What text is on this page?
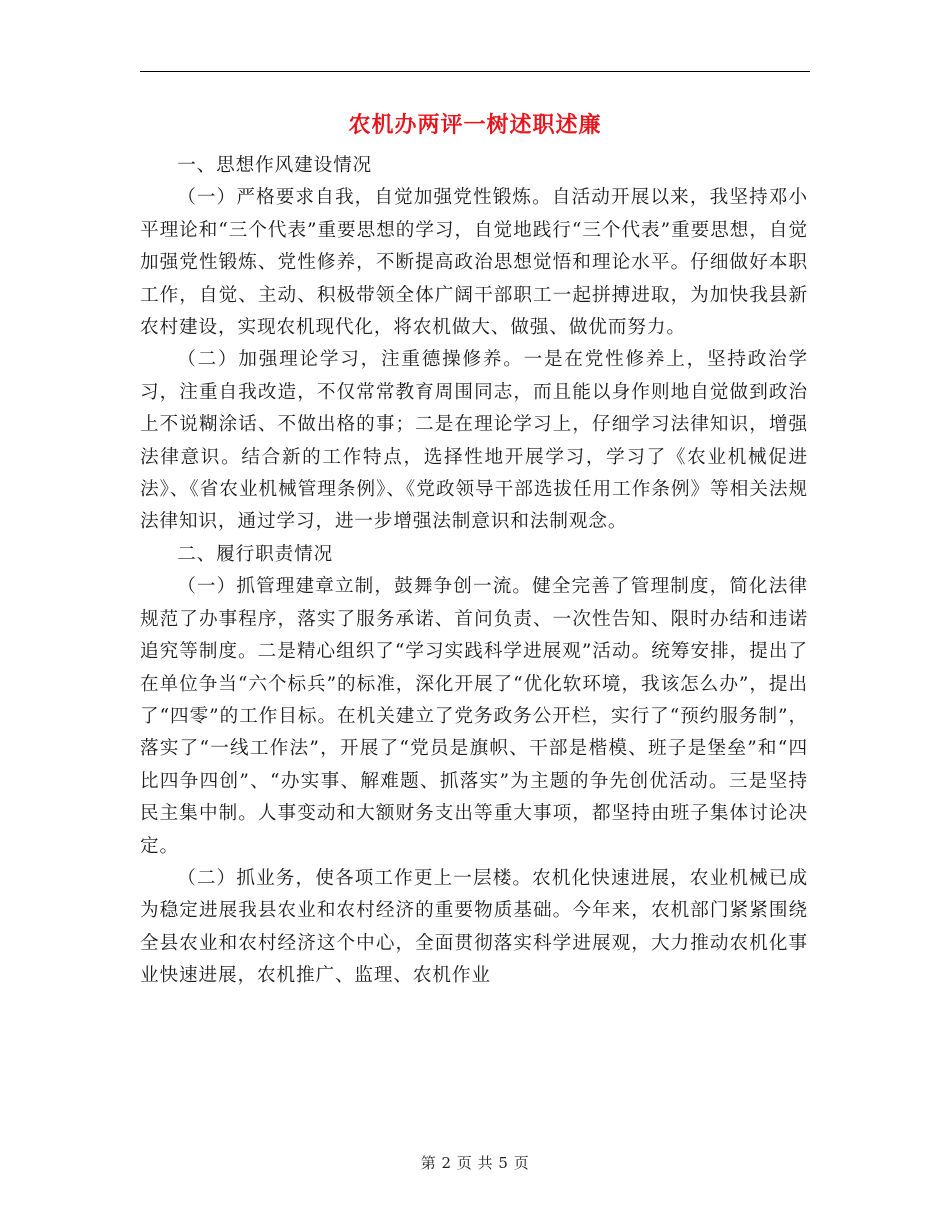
农机办两评一树述职述廉

一、思想作风建设情况

（一）严格要求自我，自觉加强党性锻炼。自活动开展以来，我坚持邓小平理论和“三个代表”重要思想的学习，自觉地践行“三个代表”重要思想，自觉加强党性锻炼、党性修养，不断提高政治思想觉悟和理论水平。仔细做好本职工作，自觉、主动、积极带领全体广阔干部职工一起拼搏进取，为加快我县新农村建设，实现农机现代化，将农机做大、做强、做优而努力。

（二）加强理论学习，注重德操修养。一是在党性修养上，坚持政治学习，注重自我改造，不仅常常教育周围同志，而且能以身作则地自觉做到政治上不说糊涂话、不做出格的事；二是在理论学习上，仔细学习法律知识，增强法律意识。结合新的工作特点，选择性地开展学习，学习了《农业机械促进法》、《省农业机械管理条例》、《党政领导干部选拔任用工作条例》等相关法规法律知识，通过学习，进一步增强法制意识和法制观念。

二、履行职责情况

（一）抓管理建章立制，鼓舞争创一流。健全完善了管理制度，简化法律规范了办事程序，落实了服务承诺、首问负责、一次性告知、限时办结和违诺追究等制度。二是精心组织了“学习实践科学进展观”活动。统筹安排，提出了在单位争当“六个标兵”的标准，深化开展了“优化软环境，我该怎么办”，提出了“四零”的工作目标。在机关建立了党务政务公开栏，实行了“预约服务制”，落实了“一线工作法”，开展了“党员是旗帜、干部是楷模、班子是堡垒”和“四比四争四创”、“办实事、解难题、抓落实”为主题的争先创优活动。三是坚持民主集中制。人事变动和大额财务支出等重大事项，都坚持由班子集体讨论决定。

（二）抓业务，使各项工作更上一层楼。农机化快速进展，农业机械已成为稳定进展我县农业和农村经济的重要物质基础。今年来，农机部门紧紧围绕全县农业和农村经济这个中心，全面贯彻落实科学进展观，大力推动农机化事业快速进展，农机推广、监理、农机作业

第 2 页 共 5 页
